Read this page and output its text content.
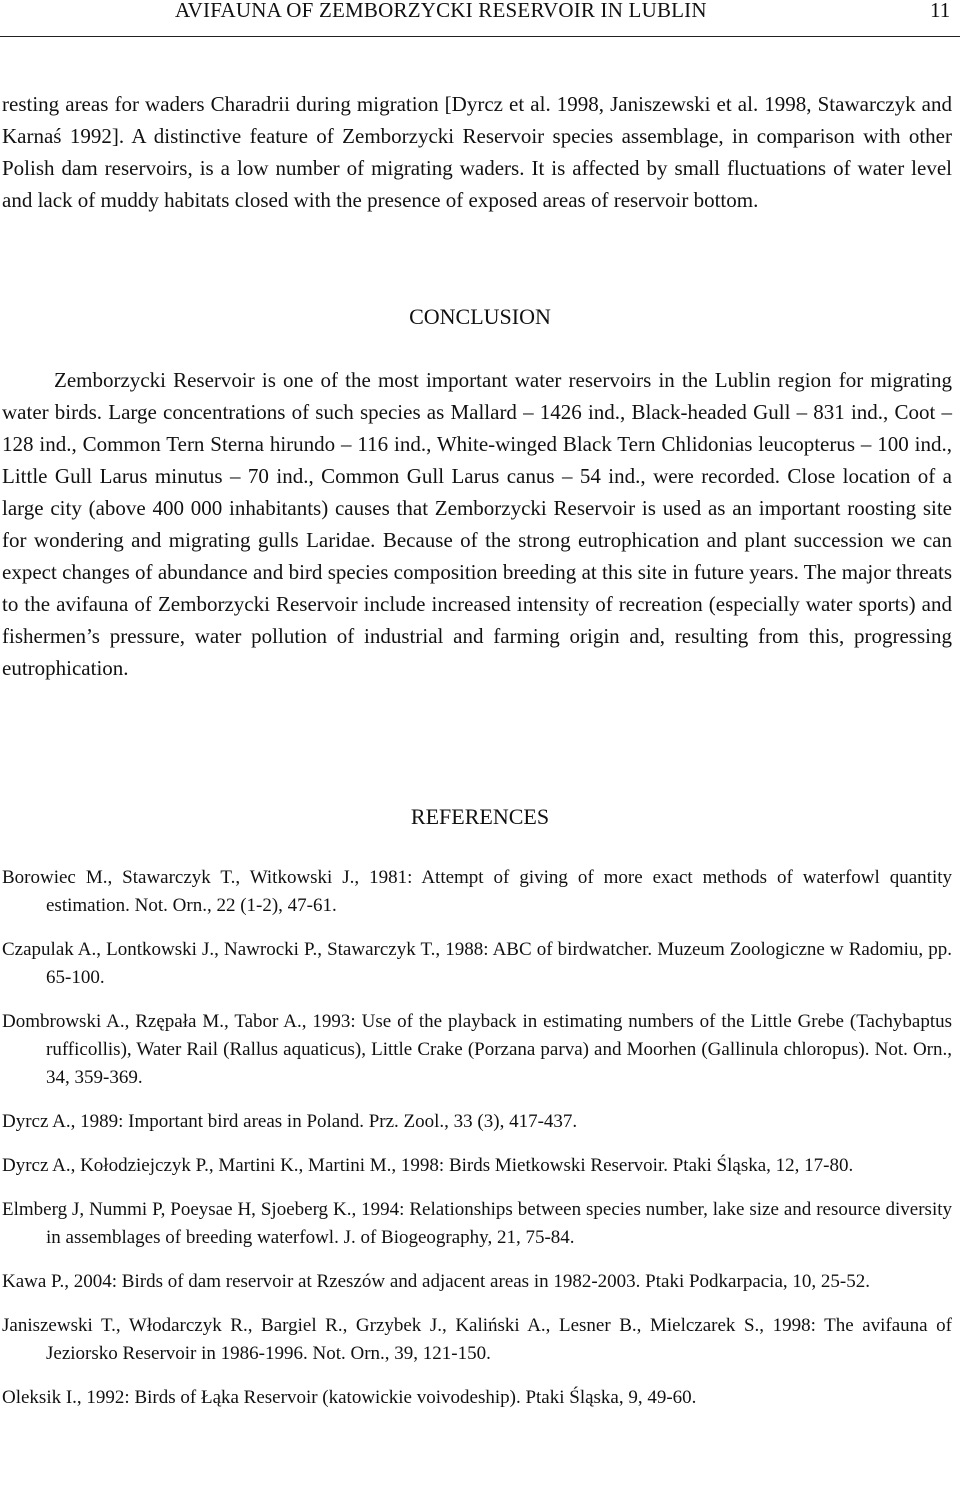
AVIFAUNA OF ZEMBORZYCKI RESERVOIR IN LUBLIN	11

resting areas for waders Charadrii during migration [Dyrcz et al. 1998, Janiszewski et al. 1998, Stawarczyk and Karnaś 1992]. A distinctive feature of Zemborzycki Reservoir species assemblage, in comparison with other Polish dam reservoirs, is a low number of migrating waders. It is affected by small fluctuations of water level and lack of muddy habitats closed with the presence of exposed areas of reservoir bottom.

CONCLUSION

Zemborzycki Reservoir is one of the most important water reservoirs in the Lublin region for migrating water birds. Large concentrations of such species as Mallard – 1426 ind., Black-headed Gull – 831 ind., Coot – 128 ind., Common Tern Sterna hirundo – 116 ind., White-winged Black Tern Chlidonias leucopterus – 100 ind., Little Gull Larus minutus – 70 ind., Common Gull Larus canus – 54 ind., were recorded. Close location of a large city (above 400 000 inhabitants) causes that Zemborzycki Reservoir is used as an important roosting site for wondering and migrating gulls Laridae. Because of the strong eutrophication and plant succession we can expect changes of abundance and bird species composition breeding at this site in future years. The major threats to the avifauna of Zemborzycki Reservoir include increased intensity of recreation (especially water sports) and fishermen’s pressure, water pollution of industrial and farming origin and, resulting from this, progressing eutrophication.

REFERENCES

Borowiec M., Stawarczyk T., Witkowski J., 1981: Attempt of giving of more exact methods of waterfowl quantity estimation. Not. Orn., 22 (1-2), 47-61.

Czapulak A., Lontkowski J., Nawrocki P., Stawarczyk T., 1988: ABC of birdwatcher. Muzeum Zoologiczne w Radomiu, pp. 65-100.

Dombrowski A., Rzępała M., Tabor A., 1993: Use of the playback in estimating numbers of the Little Grebe (Tachybaptus rufficollis), Water Rail (Rallus aquaticus), Little Crake (Porzana parva) and Moorhen (Gallinula chloropus). Not. Orn., 34, 359-369.

Dyrcz A., 1989: Important bird areas in Poland. Prz. Zool., 33 (3), 417-437.

Dyrcz A., Kołodziejczyk P., Martini K., Martini M., 1998: Birds Mietkowski Reservoir. Ptaki Śląska, 12, 17-80.

Elmberg J, Nummi P, Poeysae H, Sjoeberg K., 1994: Relationships between species number, lake size and resource diversity in assemblages of breeding waterfowl. J. of Biogeography, 21, 75-84.

Kawa P., 2004: Birds of dam reservoir at Rzeszów and adjacent areas in 1982-2003. Ptaki Podkarpacia, 10, 25-52.

Janiszewski T., Włodarczyk R., Bargiel R., Grzybek J., Kaliński A., Lesner B., Mielczarek S., 1998: The avifauna of Jeziorsko Reservoir in 1986-1996. Not. Orn., 39, 121-150.

Oleksik I., 1992: Birds of Łąka Reservoir (katowickie voivodeship). Ptaki Śląska, 9, 49-60.
